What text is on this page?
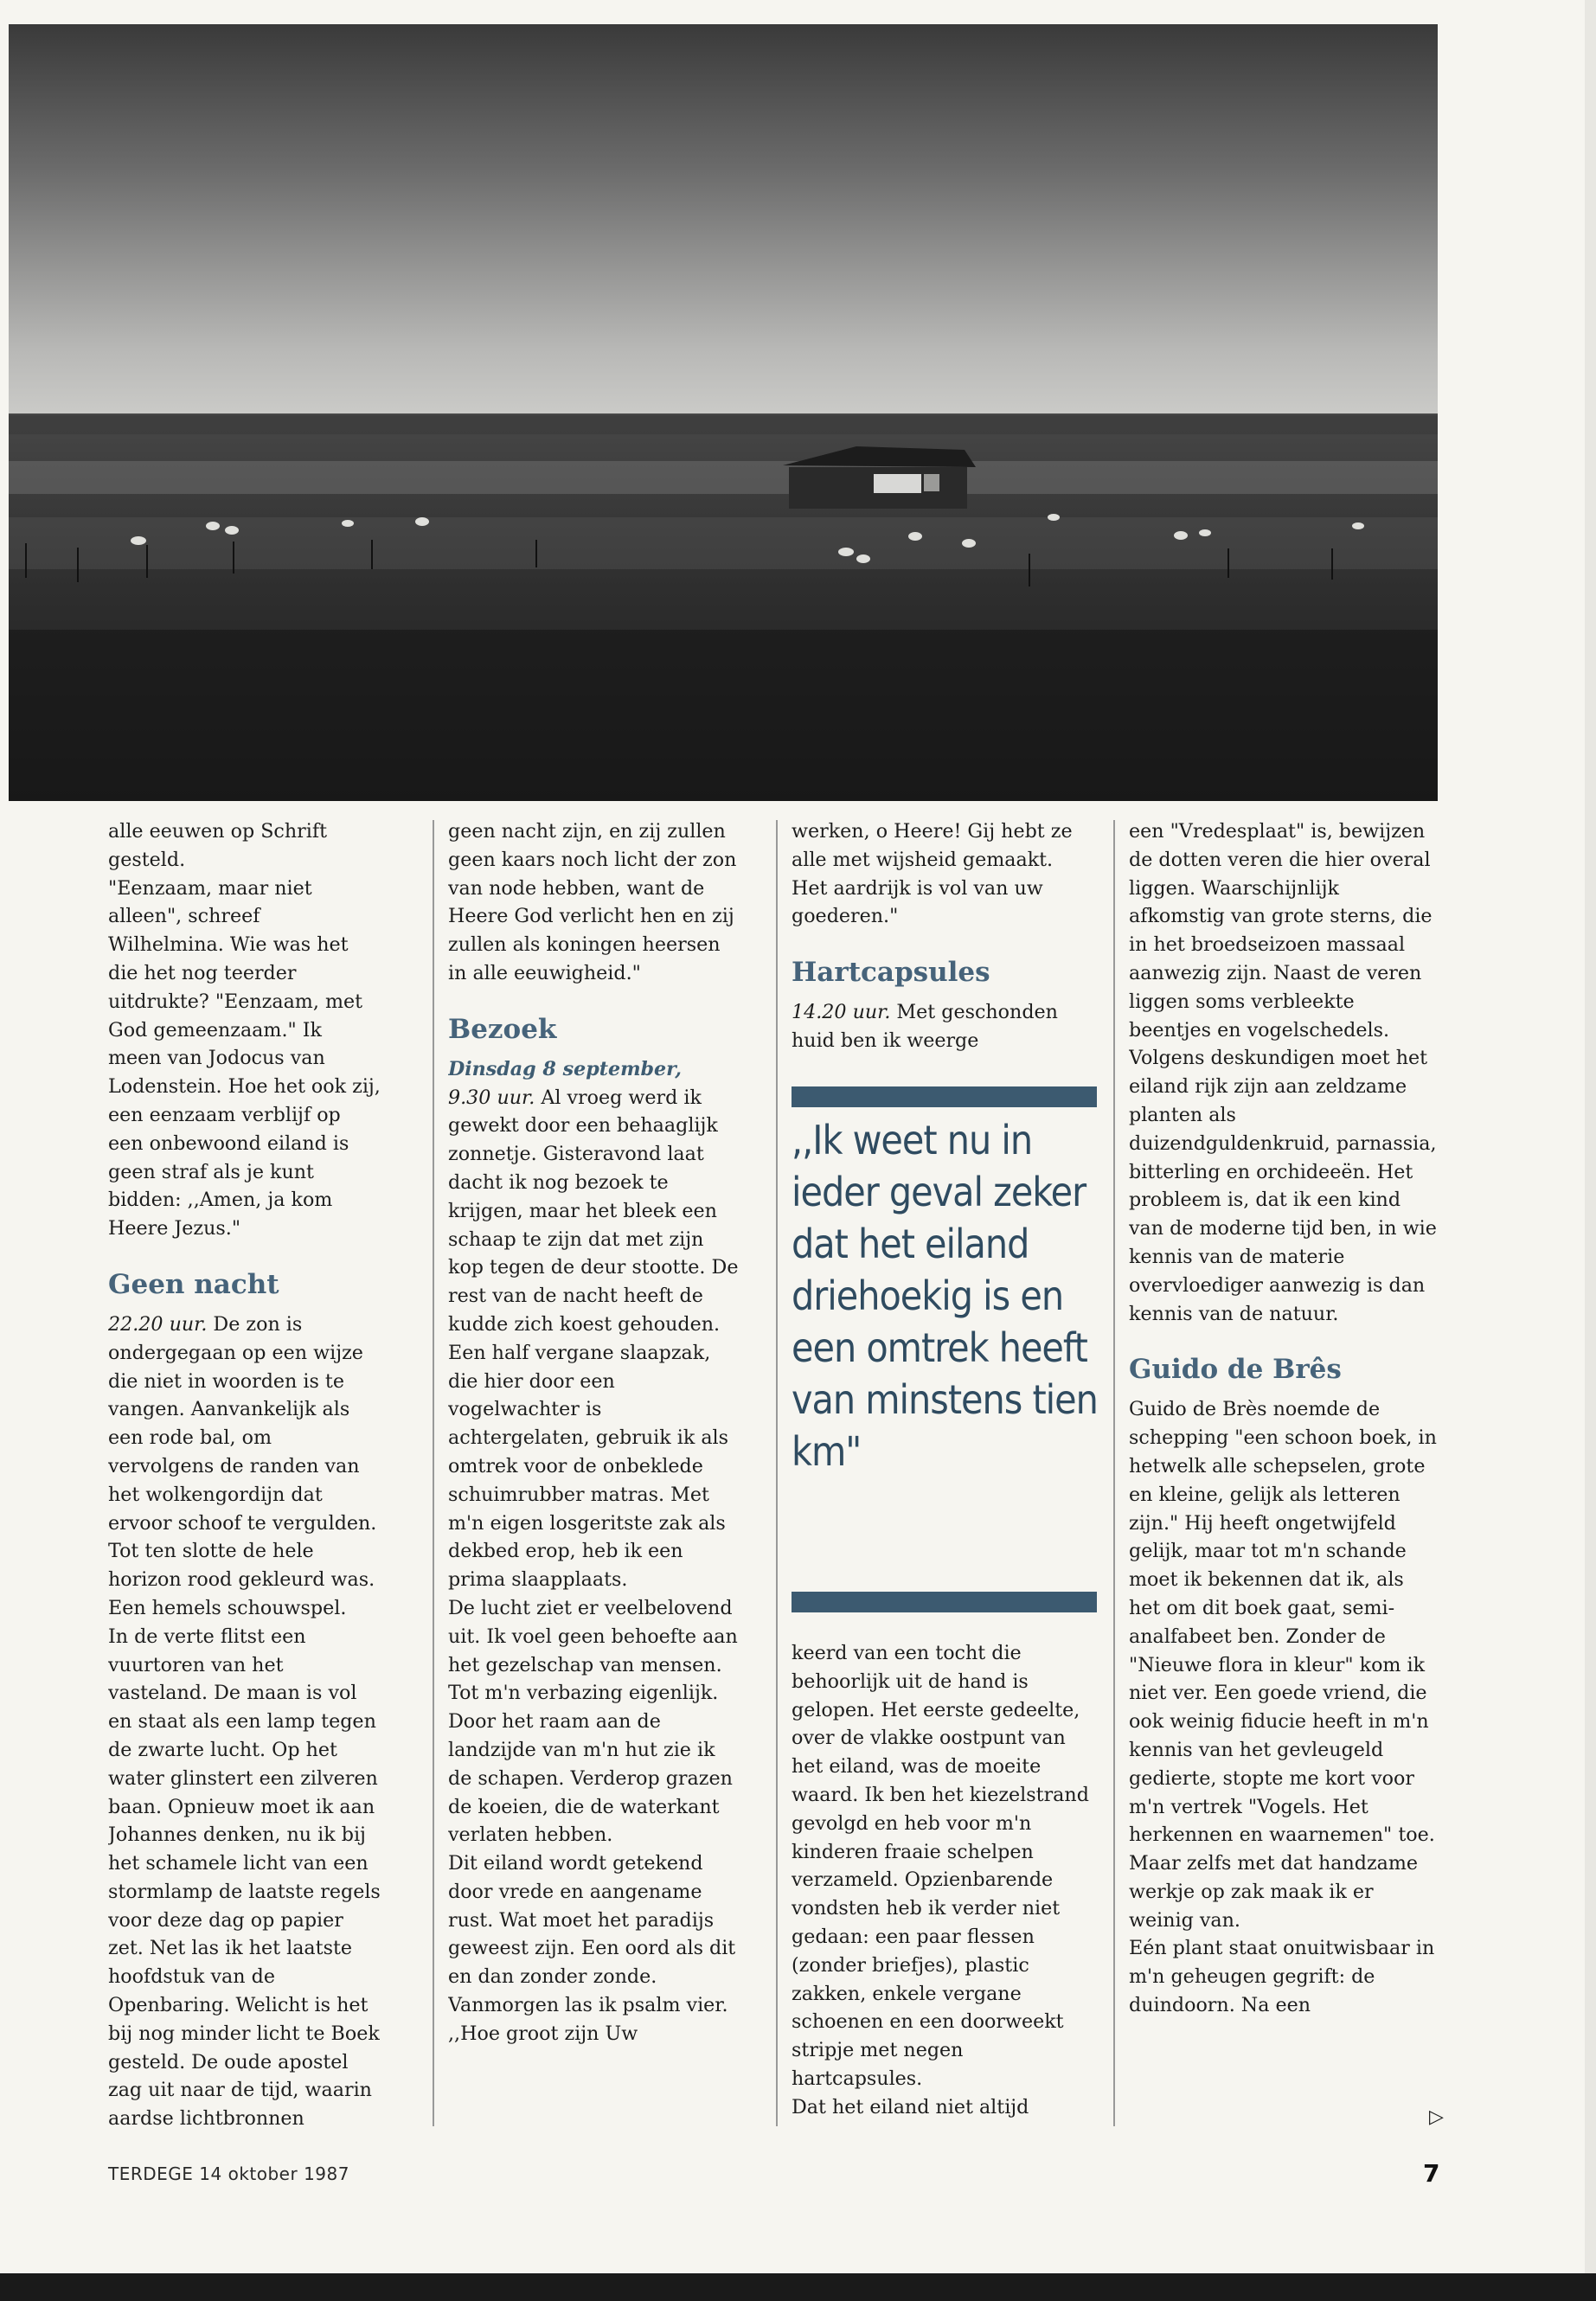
alle eeuwen op Schrift gesteld.

"Eenzaam, maar niet alleen", schreef Wilhelmina. Wie was het die het nog teerder uitdrukte? "Eenzaam, met God gemeenzaam." Ik meen van Jodocus van Lodenstein. Hoe het ook zij, een eenzaam verblijf op een onbewoond eiland is geen straf als je kunt bidden: ,,Amen, ja kom Heere Jezus."

Geen nacht

22.20 uur. De zon is ondergegaan op een wijze die niet in woorden is te vangen. Aanvankelijk als een rode bal, om vervolgens de randen van het wolkengordijn dat ervoor schoof te vergulden. Tot ten slotte de hele horizon rood gekleurd was. Een hemels schouwspel.

In de verte flitst een vuurtoren van het vasteland. De maan is vol en staat als een lamp tegen de zwarte lucht. Op het water glinstert een zilveren baan. Opnieuw moet ik aan Johannes denken, nu ik bij het schamele licht van een stormlamp de laatste regels voor deze dag op papier zet. Net las ik het laatste hoofdstuk van de Openbaring. Welicht is het bij nog minder licht te Boek gesteld. De oude apostel zag uit naar de tijd, waarin aardse lichtbronnen

geen nacht zijn, en zij zullen geen kaars noch licht der zon van node hebben, want de Heere God verlicht hen en zij zullen als koningen heersen in alle eeuwigheid."

Bezoek

Dinsdag 8 september,

9.30 uur. Al vroeg werd ik gewekt door een behaaglijk zonnetje. Gisteravond laat dacht ik nog bezoek te krijgen, maar het bleek een schaap te zijn dat met zijn kop tegen de deur stootte. De rest van de nacht heeft de kudde zich koest gehouden. Een half vergane slaapzak, die hier door een vogelwachter is achtergelaten, gebruik ik als omtrek voor de onbeklede schuimrubber matras. Met m'n eigen losgeritste zak als dekbed erop, heb ik een prima slaapplaats.

De lucht ziet er veelbelovend uit. Ik voel geen behoefte aan het gezelschap van mensen. Tot m'n verbazing eigenlijk. Door het raam aan de landzijde van m'n hut zie ik de schapen. Verderop grazen de koeien, die de waterkant verlaten hebben.

Dit eiland wordt getekend door vrede en aangename rust. Wat moet het paradijs geweest zijn. Een oord als dit en dan zonder zonde. Vanmorgen las ik psalm vier. ,,Hoe groot zijn Uw

werken, o Heere! Gij hebt ze alle met wijsheid gemaakt. Het aardrijk is vol van uw goederen."

Hartcapsules

14.20 uur. Met geschonden huid ben ik weerge

,,Ik weet nu in ieder geval zeker dat het eiland driehoekig is en een omtrek heeft van minstens tien km"

keerd van een tocht die behoorlijk uit de hand is gelopen. Het eerste gedeelte, over de vlakke oostpunt van het eiland, was de moeite waard. Ik ben het kiezelstrand gevolgd en heb voor m'n kinderen fraaie schelpen verzameld. Opzienbarende vondsten heb ik verder niet gedaan: een paar flessen (zonder briefjes), plastic zakken, enkele vergane schoenen en een doorweekt stripje met negen hartcapsules.

Dat het eiland niet altijd

een "Vredesplaat" is, bewijzen de dotten veren die hier overal liggen. Waarschijnlijk afkomstig van grote sterns, die in het broedseizoen massaal aanwezig zijn. Naast de veren liggen soms verbleekte beentjes en vogelschedels.

Volgens deskundigen moet het eiland rijk zijn aan zeldzame planten als duizendguldenkruid, parnassia, bitterling en orchideeën. Het probleem is, dat ik een kind van de moderne tijd ben, in wie kennis van de materie overvloediger aanwezig is dan kennis van de natuur.

Guido de Brês

Guido de Brès noemde de schepping "een schoon boek, in hetwelk alle schepselen, grote en kleine, gelijk als letteren zijn." Hij heeft ongetwijfeld gelijk, maar tot m'n schande moet ik bekennen dat ik, als het om dit boek gaat, semi-analfabeet ben. Zonder de "Nieuwe flora in kleur" kom ik niet ver. Een goede vriend, die ook weinig fiducie heeft in m'n kennis van het gevleugeld gedierte, stopte me kort voor m'n vertrek "Vogels. Het herkennen en waarnemen" toe. Maar zelfs met dat handzame werkje op zak maak ik er weinig van.

Eén plant staat onuitwisbaar in m'n geheugen gegrift: de duindoorn. Na een

▷
TERDEGE 14 oktober 1987	7
